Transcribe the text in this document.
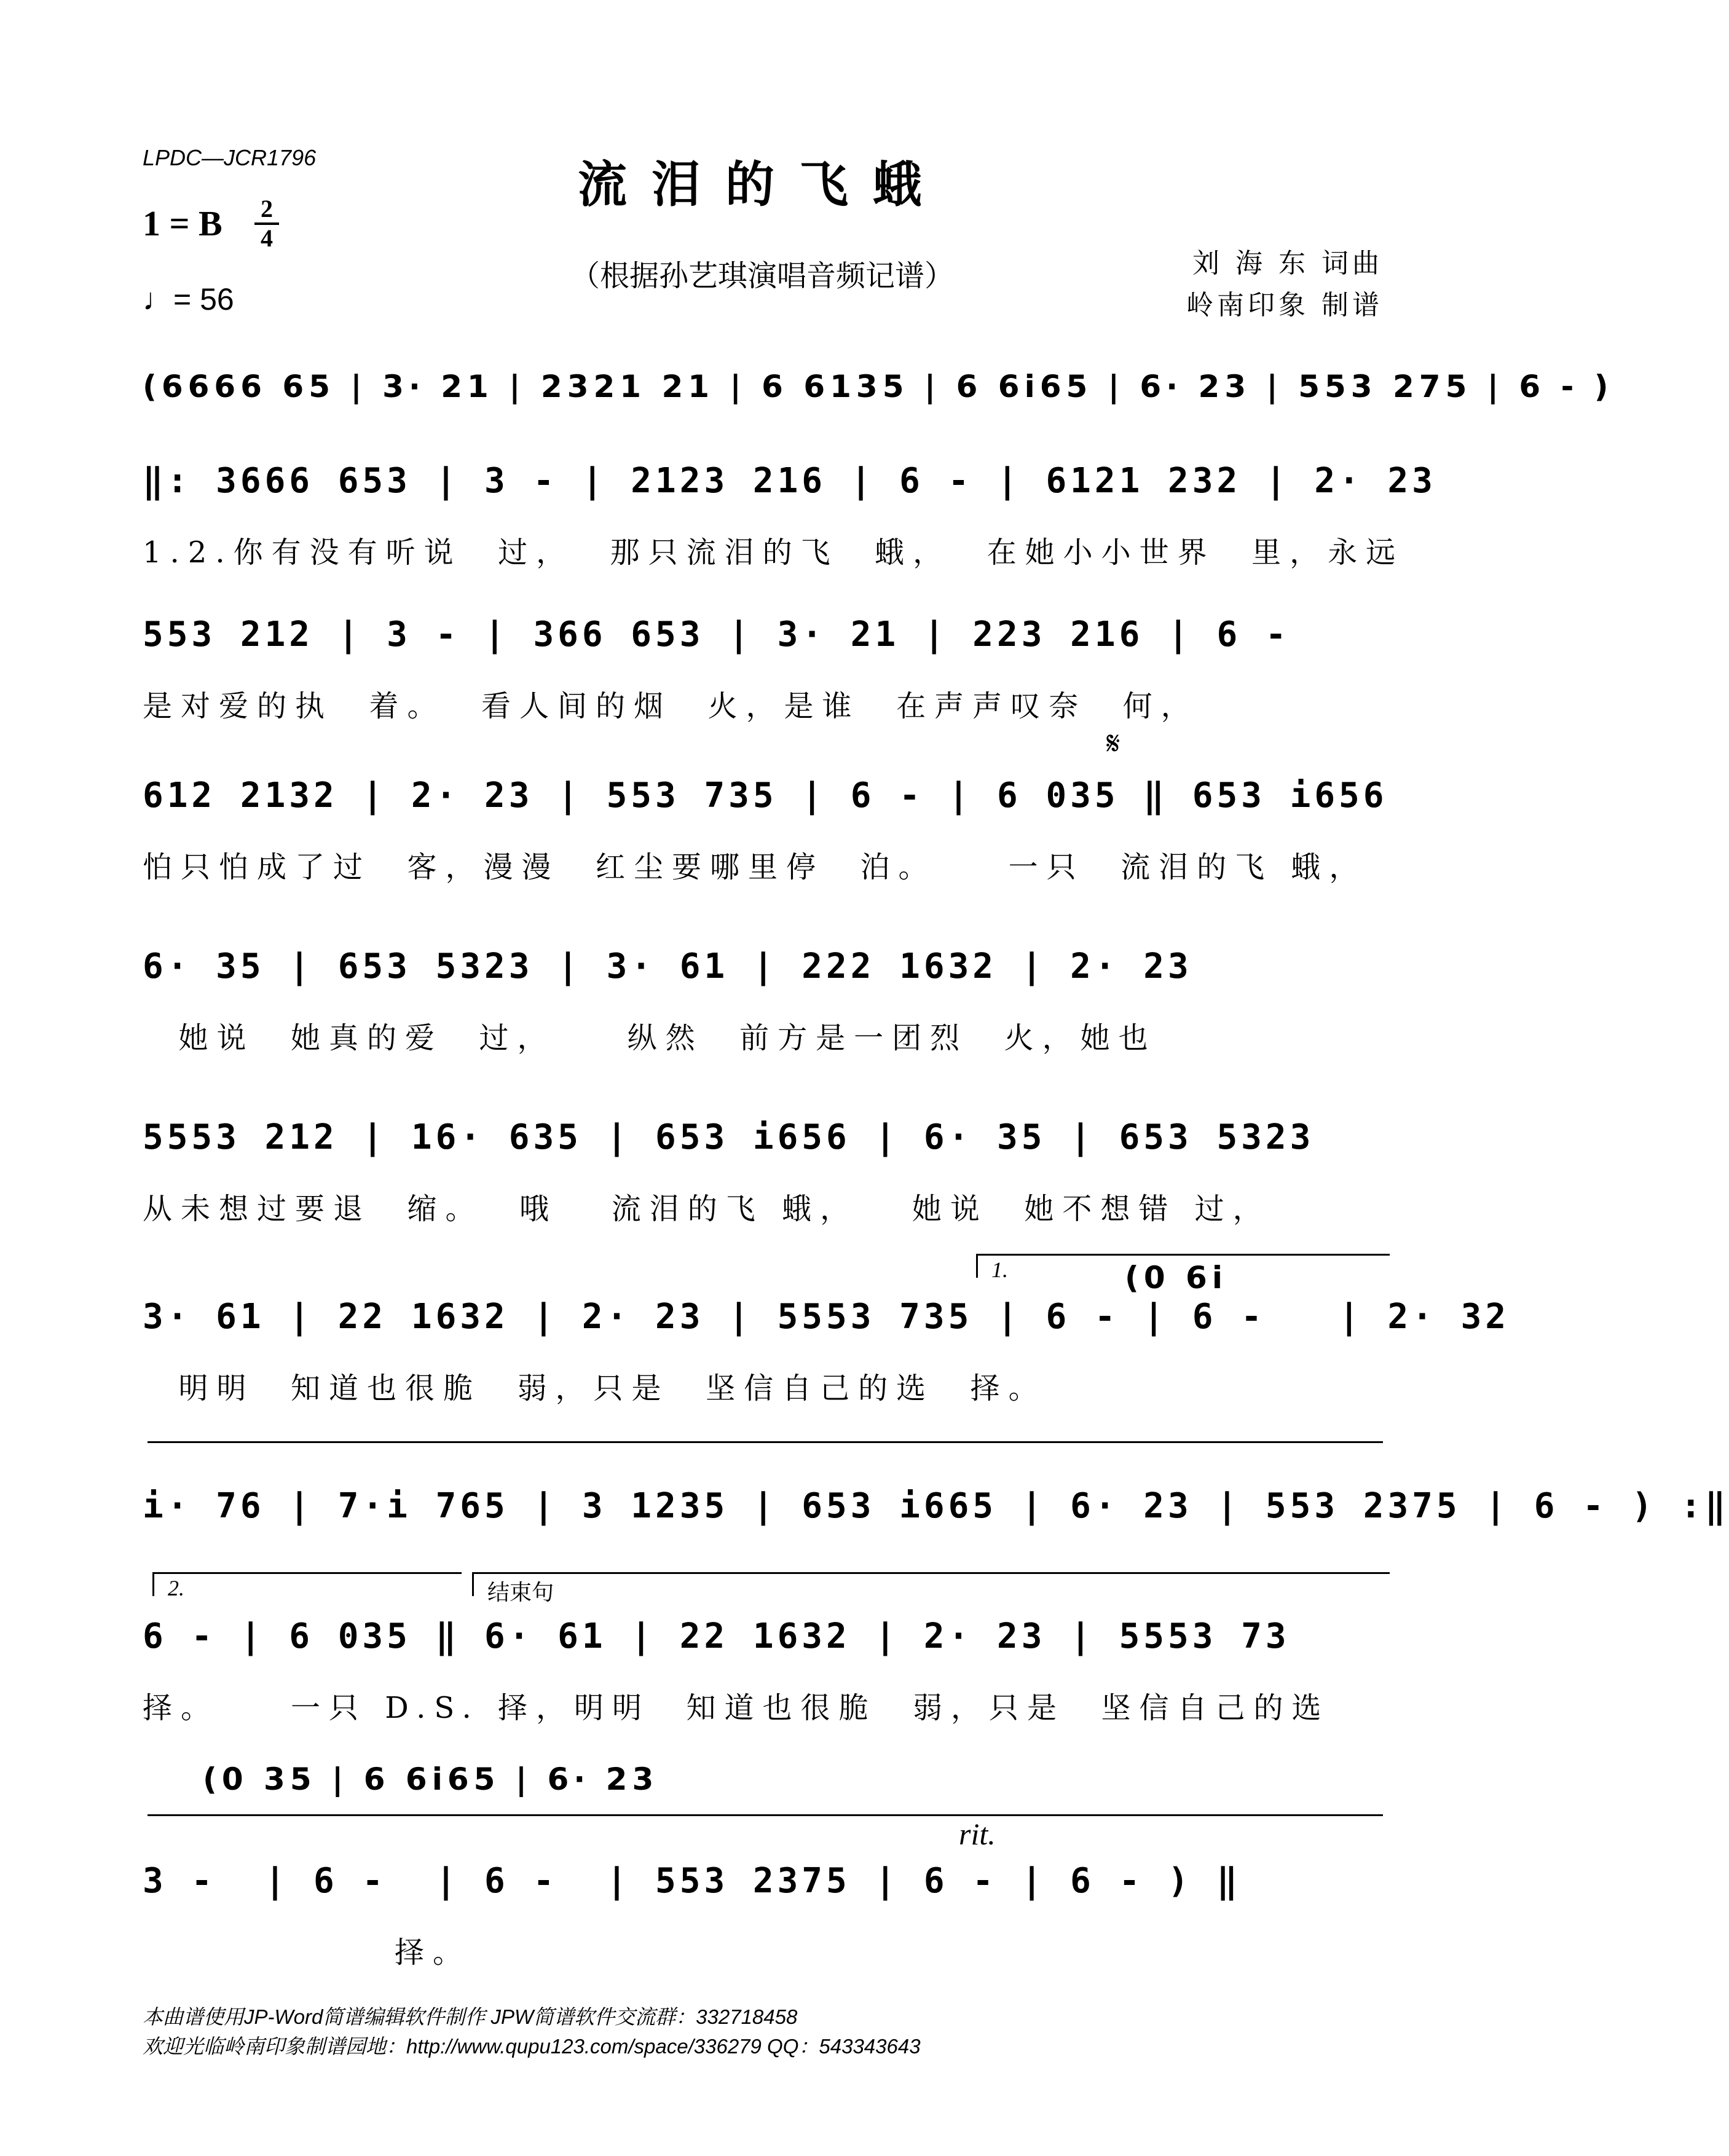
LPDC—JCR1796	流泪的飞蛾
（根据孙艺琪演唱音频记谱）
1 = B 2
4
♩= 56
刘 海 东 词曲
岭南印象 制谱
(6666 65 | 3· 21 | 2321 21 | 6 6135 | 6 6i65 | 6· 23 | 553 275 | 6 - )
‖: 3666 653 | 3 - | 2123 216 | 6 - | 6121 232 | 2· 23
1.2.你有没有听说  过，  那只流泪的飞  蛾，  在她小小世界  里，永远
553 212 | 3 - | 366 653 | 3· 21 | 223 216 | 6 -
是对爱的执  着。  看人间的烟  火，是谁  在声声叹奈  何，
𝄋
612 2132 | 2· 23 | 553 735 | 6 - | 6 035 ‖ 653 i656
怕只怕成了过  客，漫漫  红尘要哪里停  泊。    一只  流泪的飞 蛾，
6· 35 | 653 5323 | 3· 61 | 222 1632 | 2· 23
她说  她真的爱  过，    纵然  前方是一团烈  火，她也
5553 212 | 16· 635 | 653 i656 | 6· 35 | 653 5323
从未想过要退  缩。  哦   流泪的飞 蛾，   她说  她不想错 过，
1.	(0 6i
3· 61 | 22 1632 | 2· 23 | 5553 735 | 6 - | 6 -   | 2· 32
明明  知道也很脆  弱，只是  坚信自己的选  择。
i· 76 | 7·i 765 | 3 1235 | 653 i665 | 6· 23 | 553 2375 | 6 - ) :‖
2.	结束句
6 - | 6 035 ‖ 6· 61 | 22 1632 | 2· 23 | 5553 73
择。    一只 D.S. 择，明明  知道也很脆  弱，只是  坚信自己的选
(0 35 | 6 6i65 | 6· 23
rit.
3 -  | 6 -  | 6 -  | 553 2375 | 6 - | 6 - ) ‖
择。
本曲谱使用JP-Word简谱编辑软件制作 JPW简谱软件交流群：332718458
欢迎光临岭南印象制谱园地：http://www.qupu123.com/space/336279 QQ：543343643
